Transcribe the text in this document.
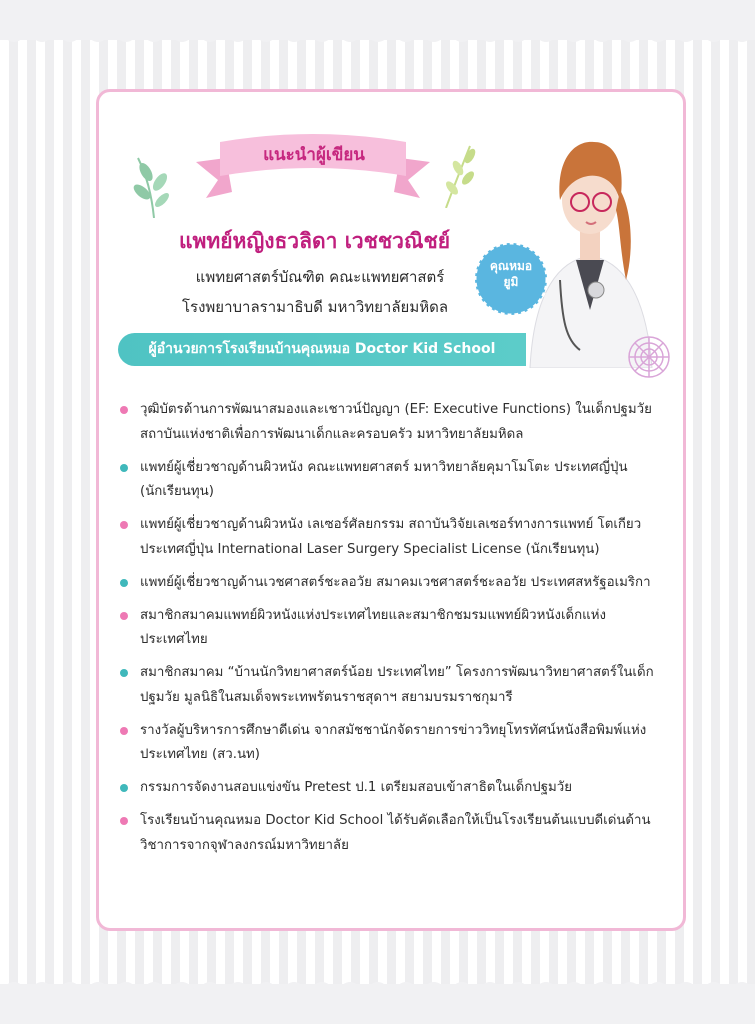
แนะนำผู้เขียน
แพทย์หญิงธวลิดา เวชชวณิชย์
แพทยศาสตร์บัณฑิต คณะแพทยศาสตร์
โรงพยาบาลรามาธิบดี มหาวิทยาลัยมหิดล
คุณหมอ
ยูมิ
ผู้อำนวยการโรงเรียนบ้านคุณหมอ Doctor Kid School
วุฒิบัตรด้านการพัฒนาสมองและเชาวน์ปัญญา (EF: Executive Functions) ในเด็กปฐมวัย สถาบันแห่งชาติเพื่อการพัฒนาเด็กและครอบครัว มหาวิทยาลัยมหิดล
แพทย์ผู้เชี่ยวชาญด้านผิวหนัง คณะแพทยศาสตร์ มหาวิทยาลัยคุมาโมโตะ ประเทศญี่ปุ่น (นักเรียนทุน)
แพทย์ผู้เชี่ยวชาญด้านผิวหนัง เลเซอร์ศัลยกรรม สถาบันวิจัยเลเซอร์ทางการแพทย์ โตเกียว ประเทศญี่ปุ่น International Laser Surgery Specialist License (นักเรียนทุน)
แพทย์ผู้เชี่ยวชาญด้านเวชศาสตร์ชะลอวัย สมาคมเวชศาสตร์ชะลอวัย ประเทศสหรัฐอเมริกา
สมาชิกสมาคมแพทย์ผิวหนังแห่งประเทศไทยและสมาชิกชมรมแพทย์ผิวหนังเด็กแห่งประเทศไทย
สมาชิกสมาคม “บ้านนักวิทยาศาสตร์น้อย ประเทศไทย” โครงการพัฒนาวิทยาศาสตร์ในเด็กปฐมวัย มูลนิธิในสมเด็จพระเทพรัตนราชสุดาฯ สยามบรมราชกุมารี
รางวัลผู้บริหารการศึกษาดีเด่น จากสมัชชานักจัดรายการข่าววิทยุโทรทัศน์หนังสือพิมพ์แห่งประเทศไทย (สว.นท)
กรรมการจัดงานสอบแข่งขัน Pretest ป.1 เตรียมสอบเข้าสาธิตในเด็กปฐมวัย
โรงเรียนบ้านคุณหมอ Doctor Kid School ได้รับคัดเลือกให้เป็นโรงเรียนต้นแบบดีเด่นด้านวิชาการจากจุฬาลงกรณ์มหาวิทยาลัย
